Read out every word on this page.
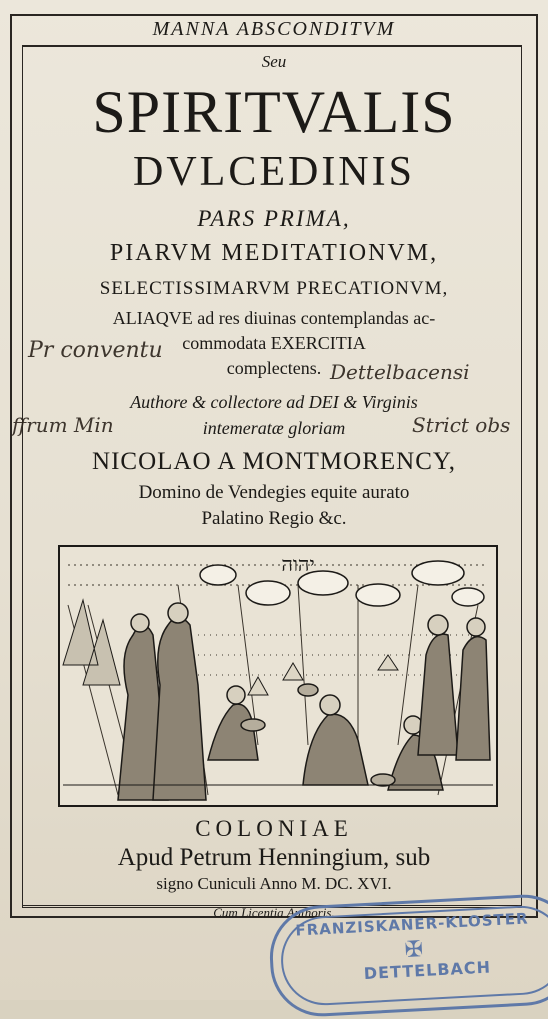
MANNA ABSCONDITVM
Seu
SPIRITVALIS
DVLCEDINIS
PARS PRIMA,
PIARVM MEDITATIONVM,
SELECTISSIMARVM PRECATIONVM,
ALIAQVE ad res diuinas contemplandas ac-
commodata EXERCITIA
complectens.
Pr conventu
Dettelbacensi
Authore & collectore ad DEI & Virginis
intemeratæ gloriam
ffrum Min	Strict obs
NICOLAO A MONTMORENCY,
Domino de Vendegies equite aurato
Palatino Regio &c.
יהוה
COLONIAE
Apud Petrum Henningium, sub
signo Cuniculi Anno M. DC. XVI.
Cum Licentia Authoris.
FRANZISKANER-KLOSTER
✠
DETTELBACH
